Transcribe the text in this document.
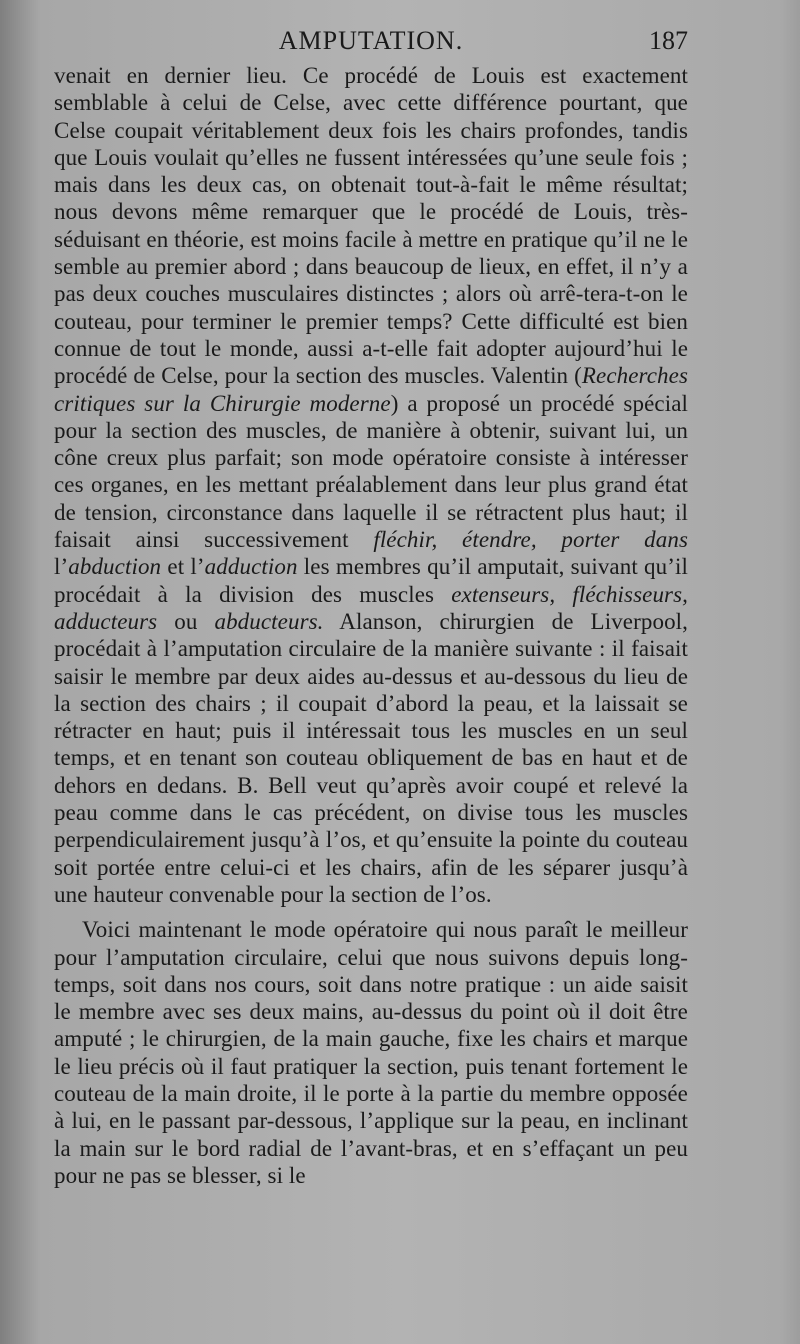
AMPUTATION.	187

venait en dernier lieu. Ce procédé de Louis est exactement semblable à celui de Celse, avec cette différence pourtant, que Celse coupait véritablement deux fois les chairs profondes, tandis que Louis voulait qu’elles ne fussent intéressées qu’une seule fois ; mais dans les deux cas, on obtenait tout-à-fait le même résultat; nous devons même remarquer que le procédé de Louis, très-séduisant en théorie, est moins facile à mettre en pratique qu’il ne le semble au premier abord ; dans beaucoup de lieux, en effet, il n’y a pas deux couches musculaires distinctes ; alors où arrê-tera-t-on le couteau, pour terminer le premier temps? Cette difficulté est bien connue de tout le monde, aussi a-t-elle fait adopter aujourd’hui le procédé de Celse, pour la section des muscles. Valentin (Recherches critiques sur la Chirurgie moderne) a proposé un procédé spécial pour la section des muscles, de manière à obtenir, suivant lui, un cône creux plus parfait; son mode opératoire consiste à intéresser ces organes, en les mettant préalablement dans leur plus grand état de tension, circonstance dans laquelle il se rétractent plus haut; il faisait ainsi successivement fléchir, étendre, porter dans l’abduction et l’adduction les membres qu’il amputait, suivant qu’il procédait à la division des muscles extenseurs, fléchisseurs, adducteurs ou abducteurs. Alanson, chirurgien de Liverpool, procédait à l’amputation circulaire de la manière suivante : il faisait saisir le membre par deux aides au-dessus et au-dessous du lieu de la section des chairs ; il coupait d’abord la peau, et la laissait se rétracter en haut; puis il intéressait tous les muscles en un seul temps, et en tenant son couteau obliquement de bas en haut et de dehors en dedans. B. Bell veut qu’après avoir coupé et relevé la peau comme dans le cas précédent, on divise tous les muscles perpendiculairement jusqu’à l’os, et qu’ensuite la pointe du couteau soit portée entre celui-ci et les chairs, afin de les séparer jusqu’à une hauteur convenable pour la section de l’os.

Voici maintenant le mode opératoire qui nous paraît le meilleur pour l’amputation circulaire, celui que nous suivons depuis long-temps, soit dans nos cours, soit dans notre pratique : un aide saisit le membre avec ses deux mains, au-dessus du point où il doit être amputé ; le chirurgien, de la main gauche, fixe les chairs et marque le lieu précis où il faut pratiquer la section, puis tenant fortement le couteau de la main droite, il le porte à la partie du membre opposée à lui, en le passant par-dessous, l’applique sur la peau, en inclinant la main sur le bord radial de l’avant-bras, et en s’effaçant un peu pour ne pas se blesser, si le
